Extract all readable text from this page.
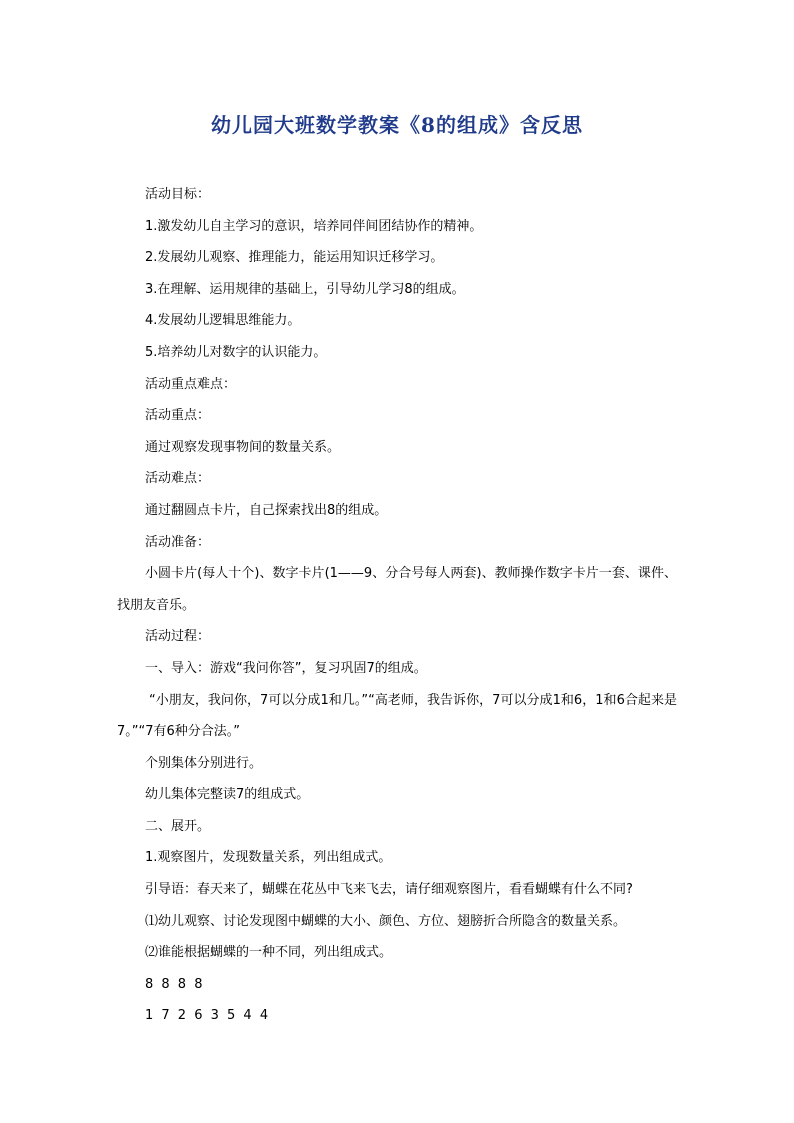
幼儿园大班数学教案《8的组成》含反思

活动目标：

1.激发幼儿自主学习的意识，培养同伴间团结协作的精神。

2.发展幼儿观察、推理能力，能运用知识迁移学习。

3.在理解、运用规律的基础上，引导幼儿学习8的组成。

4.发展幼儿逻辑思维能力。

5.培养幼儿对数字的认识能力。

活动重点难点：

活动重点：

通过观察发现事物间的数量关系。

活动难点：

通过翻圆点卡片，自己探索找出8的组成。

活动准备：

小圆卡片(每人十个)、数字卡片(1——9、分合号每人两套)、教师操作数字卡片一套、课件、找朋友音乐。

活动过程：

一、导入：游戏“我问你答”，复习巩固7的组成。

“小朋友，我问你，7可以分成1和几。”“高老师，我告诉你，7可以分成1和6，1和6合起来是7。”“7有6种分合法。”

个别集体分别进行。

幼儿集体完整读7的组成式。

二、展开。

1.观察图片，发现数量关系，列出组成式。

引导语：春天来了，蝴蝶在花丛中飞来飞去，请仔细观察图片，看看蝴蝶有什么不同?

⑴幼儿观察、讨论发现图中蝴蝶的大小、颜色、方位、翅膀折合所隐含的数量关系。

⑵谁能根据蝴蝶的一种不同，列出组成式。

8 8 8 8

1 7 2 6 3 5 4 4
